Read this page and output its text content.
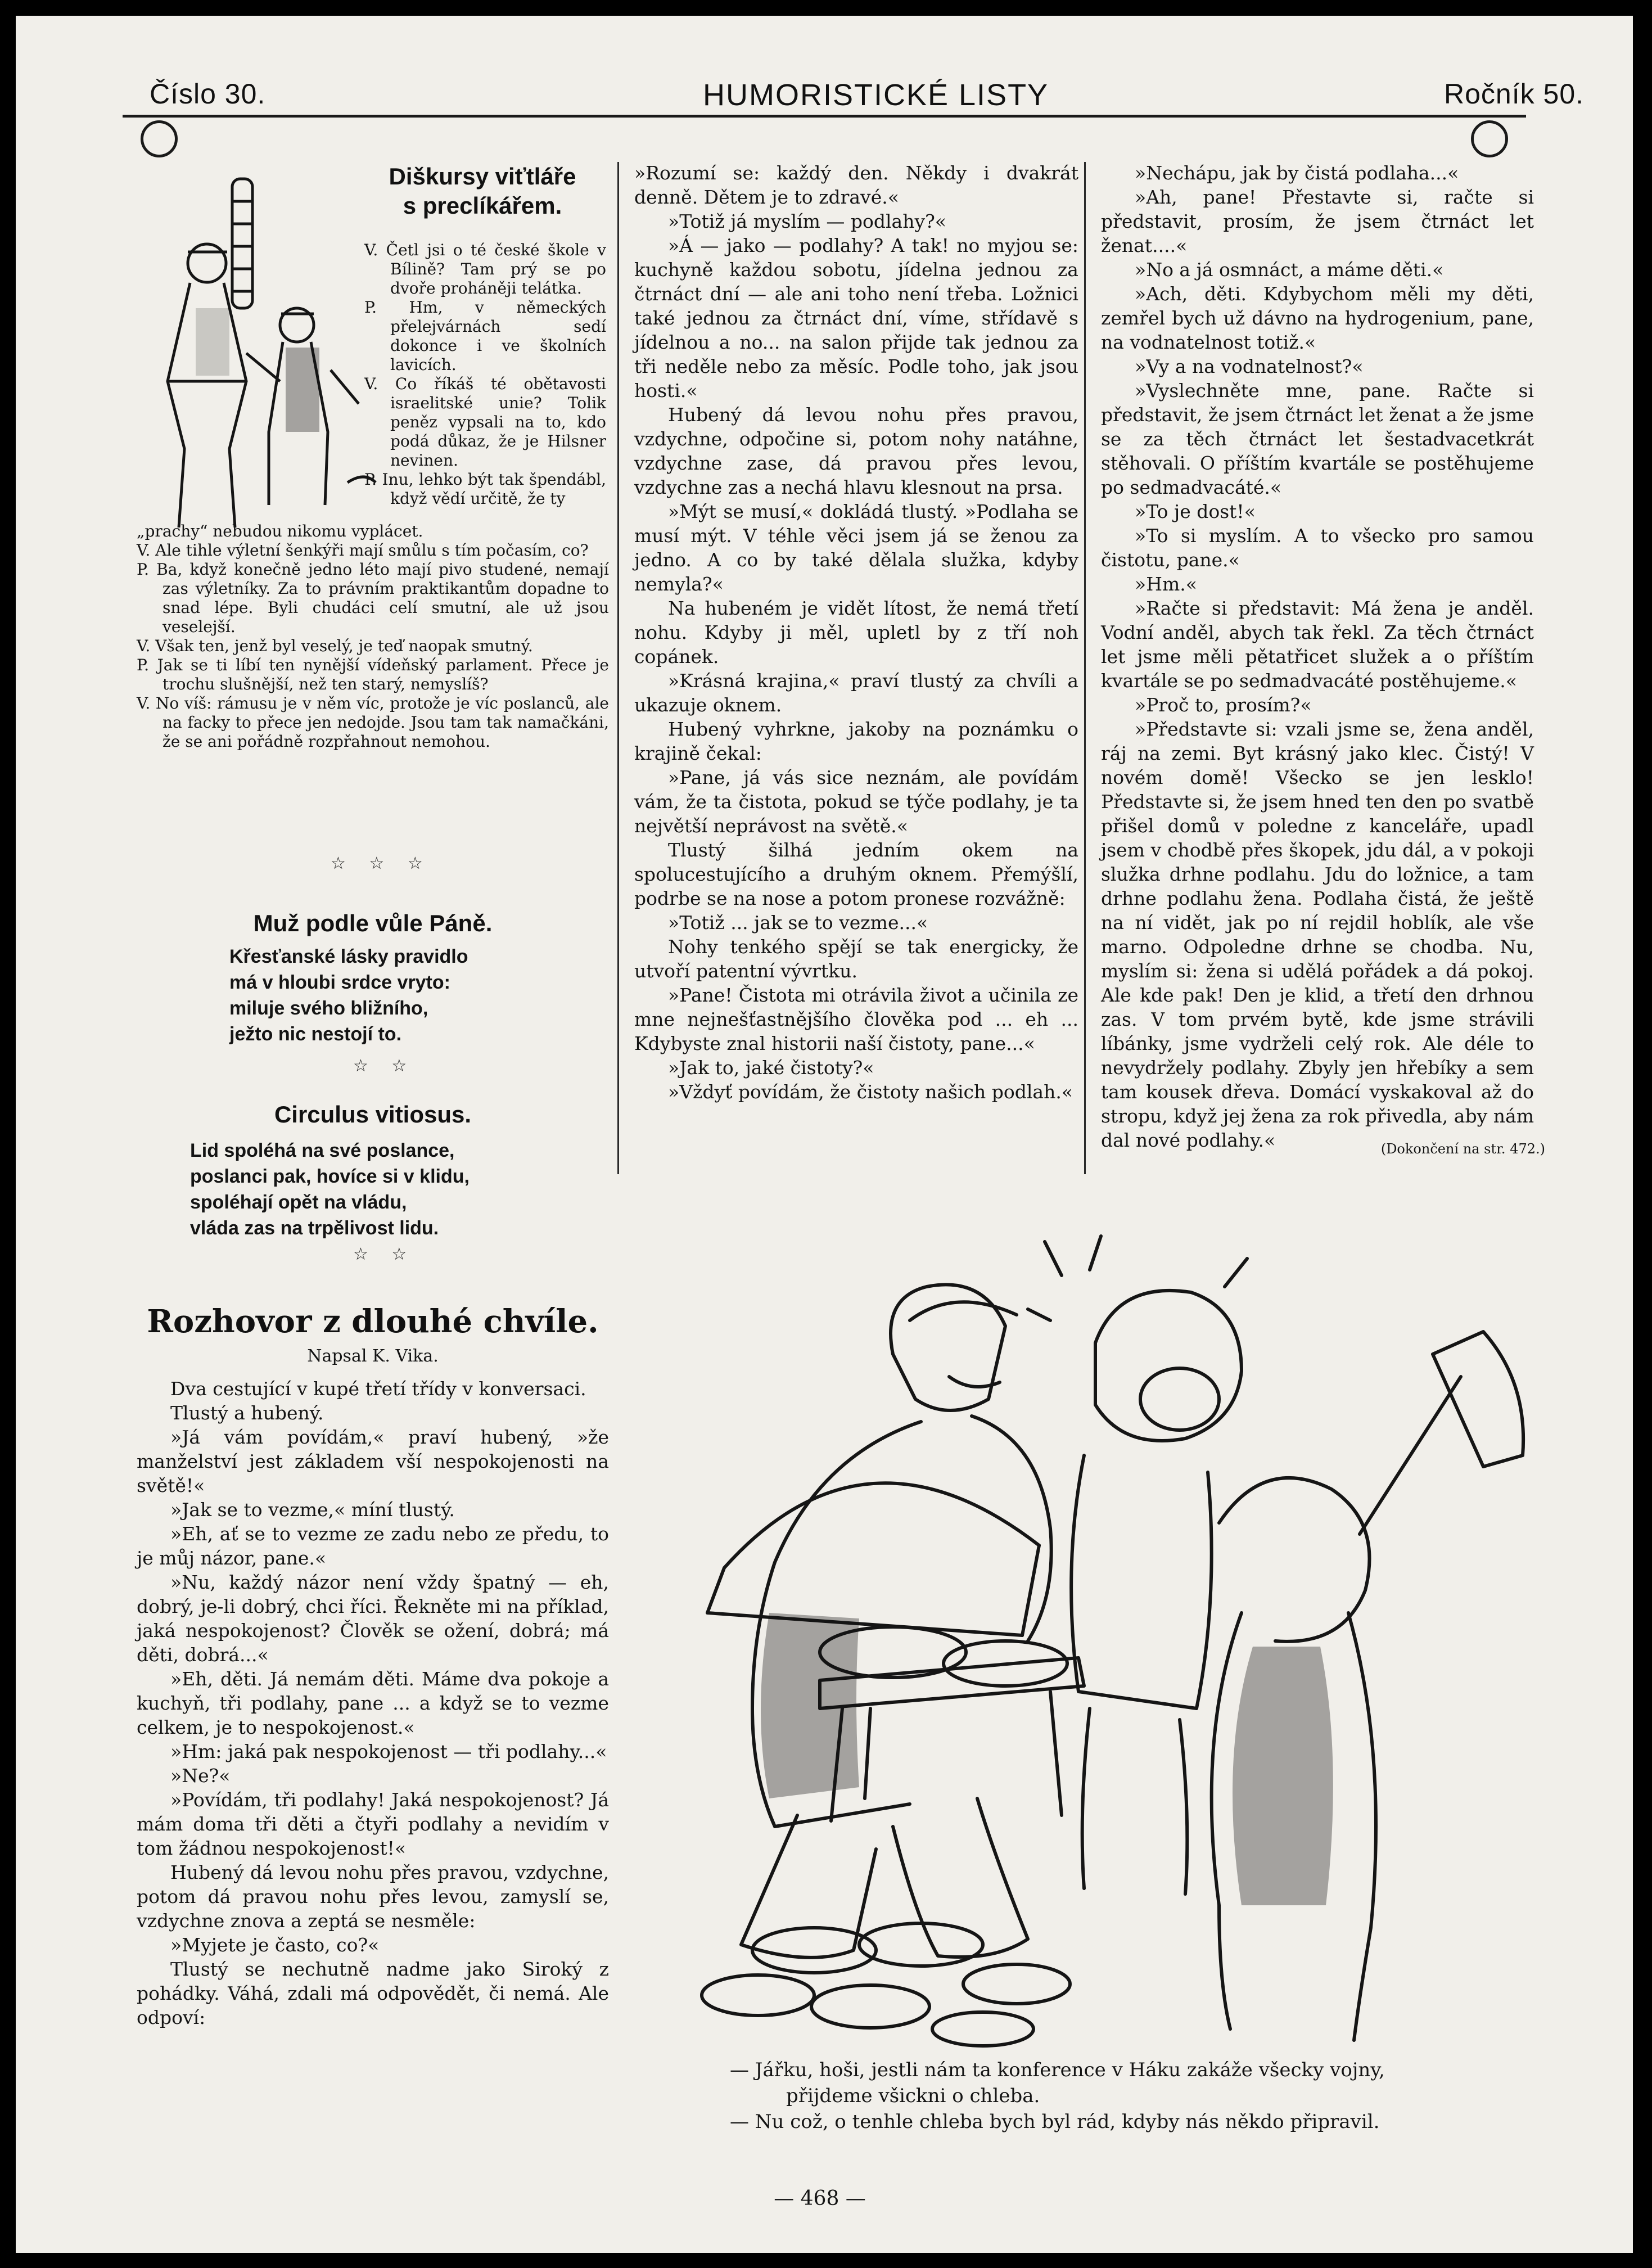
Číslo 30.	HUMORISTICKÉ LISTY	Ročník 50.
Diškursy viťtláře
s preclíkářem.

V. Četl jsi o té české škole v Bílině? Tam prý se po dvoře proháněji telátka.

P. Hm, v německých přelejvárnách sedí dokonce i ve školních lavicích.

V. Co říkáš té obětavosti israelitské unie? Tolik peněz vypsali na to, kdo podá důkaz, že je Hilsner nevinen.

P. Inu, lehko být tak špendábl, když vědí určitě, že ty

„prachy“ nebudou nikomu vyplácet.

V. Ale tihle výletní šenkýři mají smůlu s tím počasím, co?

P. Ba, když konečně jedno léto mají pivo studené, nemají zas výletníky. Za to právním praktikantům dopadne to snad lépe. Byli chudáci celí smutní, ale už jsou veselejší.

V. Však ten, jenž byl veselý, je teď naopak smutný.

P. Jak se ti líbí ten nynější vídeňský parlament. Přece je trochu slušnější, než ten starý, nemyslíš?

V. No víš: rámusu je v něm víc, protože je víc poslanců, ale na facky to přece jen nedojde. Jsou tam tak namačkáni, že se ani pořádně rozpřahnout nemohou.

☆ ☆ ☆
Muž podle vůle Páně.
Křesťanské lásky pravidlo
má v hloubi srdce vryto:
miluje svého bližního,
ježto nic nestojí to.
☆ ☆
Circulus vitiosus.
Lid spoléhá na své poslance,
poslanci pak, hovíce si v klidu,
spoléhají opět na vládu,
vláda zas na trpělivost lidu.
☆ ☆

»Rozumí se: každý den. Někdy i dvakrát denně. Dětem je to zdravé.«

»Totiž já myslím — podlahy?«

»Á — jako — podlahy? A tak! no myjou se: kuchyně každou sobotu, jídelna jednou za čtrnáct dní — ale ani toho není třeba. Ložnici také jednou za čtrnáct dní, víme, střídavě s jídelnou a no... na salon přijde tak jednou za tři neděle nebo za měsíc. Podle toho, jak jsou hosti.«

Hubený dá levou nohu přes pravou, vzdychne, odpočine si, potom nohy natáhne, vzdychne zase, dá pravou přes levou, vzdychne zas a nechá hlavu klesnout na prsa.

»Mýt se musí,« dokládá tlustý. »Podlaha se musí mýt. V téhle věci jsem já se ženou za jedno. A co by také dělala služka, kdyby nemyla?«

Na hubeném je vidět lítost, že nemá třetí nohu. Kdyby ji měl, upletl by z tří noh copánek.

»Krásná krajina,« praví tlustý za chvíli a ukazuje oknem.

Hubený vyhrkne, jakoby na poznámku o krajině čekal:

»Pane, já vás sice neznám, ale povídám vám, že ta čistota, pokud se týče podlahy, je ta největší neprávost na světě.«

Tlustý šilhá jedním okem na spolucestujícího a druhým oknem. Přemýšlí, podrbe se na nose a potom pronese rozvážně:

»Totiž ... jak se to vezme...«

Nohy tenkého spějí se tak energicky, že utvoří patentní vývrtku.

»Pane! Čistota mi otrávila život a učinila ze mne nejnešťastnějšího člověka pod ... eh ... Kdybyste znal historii naší čistoty, pane...«

»Jak to, jaké čistoty?«

»Vždyť povídám, že čistoty našich podlah.«

»Nechápu, jak by čistá podlaha...«

»Ah, pane! Přestavte si, račte si představit, prosím, že jsem čtrnáct let ženat....«

»No a já osmnáct, a máme děti.«

»Ach, děti. Kdybychom měli my děti, zemřel bych už dávno na hydrogenium, pane, na vodnatelnost totiž.«

»Vy a na vodnatelnost?«

»Vyslechněte mne, pane. Račte si představit, že jsem čtrnáct let ženat a že jsme se za těch čtrnáct let šestadvacetkrát stěhovali. O příštím kvartále se postěhujeme po sedmadvacáté.«

»To je dost!«

»To si myslím. A to všecko pro samou čistotu, pane.«

»Hm.«

»Račte si představit: Má žena je anděl. Vodní anděl, abych tak řekl. Za těch čtrnáct let jsme měli pětatřicet služek a o příštím kvartále se po sedmadvacáté postěhujeme.«

»Proč to, prosím?«

»Představte si: vzali jsme se, žena anděl, ráj na zemi. Byt krásný jako klec. Čistý! V novém domě! Všecko se jen lesklo! Představte si, že jsem hned ten den po svatbě přišel domů v poledne z kanceláře, upadl jsem v chodbě přes škopek, jdu dál, a v pokoji služka drhne podlahu. Jdu do ložnice, a tam drhne podlahu žena. Podlaha čistá, že ještě na ní vidět, jak po ní rejdil hoblík, ale vše marno. Odpoledne drhne se chodba. Nu, myslím si: žena si udělá pořádek a dá pokoj. Ale kde pak! Den je klid, a třetí den drhnou zas. V tom prvém bytě, kde jsme strávili líbánky, jsme vydrželi celý rok. Ale déle to nevydržely podlahy. Zbyly jen hřebíky a sem tam kousek dřeva. Domácí vyskakoval až do stropu, když jej žena za rok přivedla, aby nám dal nové podlahy.«	(Dokončení na str. 472.)
Rozhovor z dlouhé chvíle.
Napsal K. Vika.

Dva cestující v kupé třetí třídy v konversaci.

Tlustý a hubený.

»Já vám povídám,« praví hubený, »že manželství jest základem vší nespokojenosti na světě!«

»Jak se to vezme,« míní tlustý.

»Eh, ať se to vezme ze zadu nebo ze předu, to je můj názor, pane.«

»Nu, každý názor není vždy špatný — eh, dobrý, je-li dobrý, chci říci. Řekněte mi na příklad, jaká nespokojenost? Člověk se ožení, dobrá; má děti, dobrá...«

»Eh, děti. Já nemám děti. Máme dva pokoje a kuchyň, tři podlahy, pane ... a když se to vezme celkem, je to nespokojenost.«

»Hm: jaká pak nespokojenost — tři podlahy...«

»Ne?«

»Povídám, tři podlahy! Jaká nespokojenost? Já mám doma tři děti a čtyři podlahy a nevidím v tom žádnou nespokojenost!«

Hubený dá levou nohu přes pravou, vzdychne, potom dá pravou nohu přes levou, zamyslí se, vzdychne znova a zeptá se nesměle:

»Myjete je často, co?«

Tlustý se nechutně nadme jako Siroký z pohádky. Váhá, zdali má odpovědět, či nemá. Ale odpoví:

— Jářku, hoši, jestli nám ta konference v Háku zakáže všecky vojny,
přijdeme všickni o chleba.
— Nu což, o tenhle chleba bych byl rád, kdyby nás někdo připravil.
— 468 —
